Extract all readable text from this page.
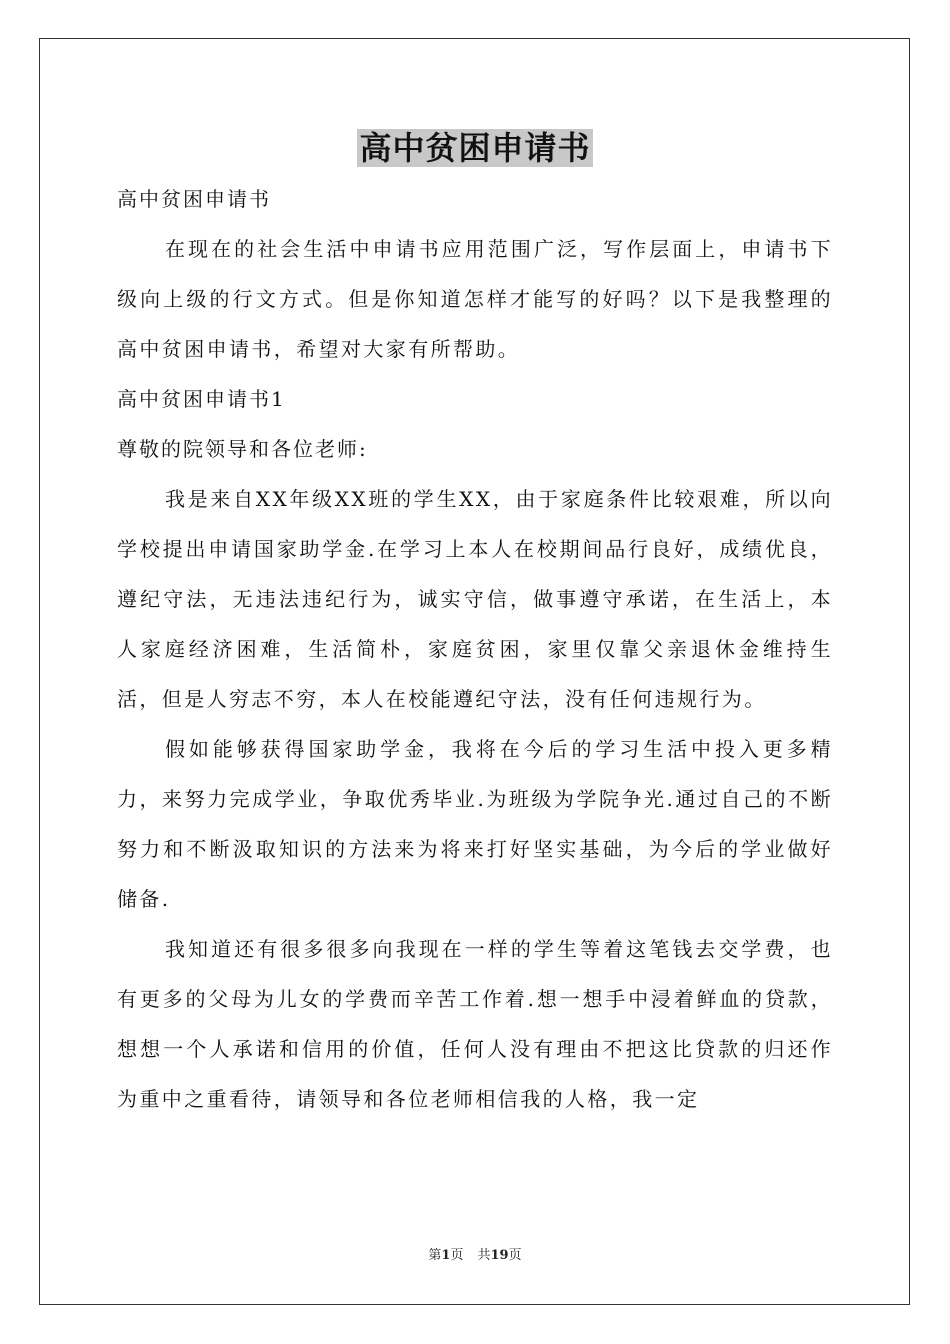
高中贫困申请书

高中贫困申请书

在现在的社会生活中申请书应用范围广泛，写作层面上，申请书下级向上级的行文方式。但是你知道怎样才能写的好吗？以下是我整理的高中贫困申请书，希望对大家有所帮助。

高中贫困申请书1

尊敬的院领导和各位老师:

我是来自XX年级XX班的学生XX，由于家庭条件比较艰难，所以向学校提出申请国家助学金.在学习上本人在校期间品行良好，成绩优良，遵纪守法，无违法违纪行为，诚实守信，做事遵守承诺，在生活上，本人家庭经济困难，生活简朴，家庭贫困，家里仅靠父亲退休金维持生活，但是人穷志不穷，本人在校能遵纪守法，没有任何违规行为。

假如能够获得国家助学金，我将在今后的学习生活中投入更多精力，来努力完成学业，争取优秀毕业.为班级为学院争光.通过自己的不断努力和不断汲取知识的方法来为将来打好坚实基础，为今后的学业做好储备.

我知道还有很多很多向我现在一样的学生等着这笔钱去交学费，也有更多的父母为儿女的学费而辛苦工作着.想一想手中浸着鲜血的贷款，想想一个人承诺和信用的价值，任何人没有理由不把这比贷款的归还作为重中之重看待，请领导和各位老师相信我的人格，我一定

第1页 共19页
